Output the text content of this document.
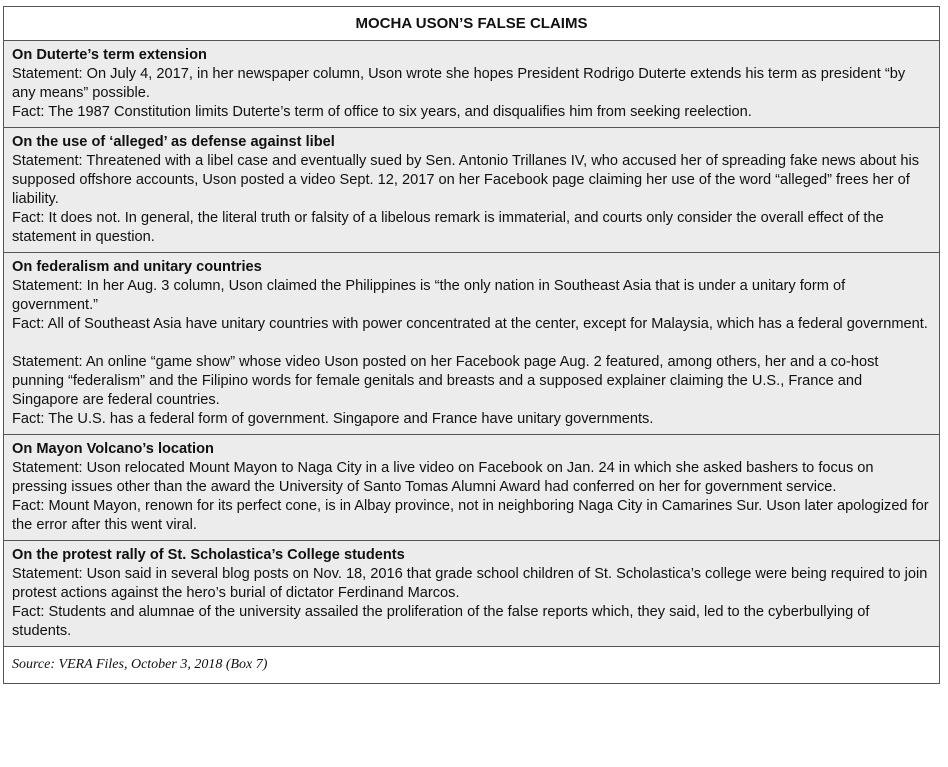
MOCHA USON’S FALSE CLAIMS

On Duterte’s term extension

Statement: On July 4, 2017, in her newspaper column, Uson wrote she hopes President Rodrigo Duterte extends his term as president “by any means” possible.

Fact: The 1987 Constitution limits Duterte’s term of office to six years, and disqualifies him from seeking reelection.

On the use of ‘alleged’ as defense against libel

Statement: Threatened with a libel case and eventually sued by Sen. Antonio Trillanes IV, who accused her of spreading fake news about his supposed offshore accounts, Uson posted a video Sept. 12, 2017 on her Facebook page claiming her use of the word “alleged” frees her of liability.

Fact: It does not. In general, the literal truth or falsity of a libelous remark is immaterial, and courts only consider the overall effect of the statement in question.

On federalism and unitary countries

Statement: In her Aug. 3 column, Uson claimed the Philippines is “the only nation in Southeast Asia that is under a unitary form of government.”

Fact: All of Southeast Asia have unitary countries with power concentrated at the center, except for Malaysia, which has a federal government.

Statement: An online “game show” whose video Uson posted on her Facebook page Aug. 2 featured, among others, her and a co-host punning “federalism” and the Filipino words for female genitals and breasts and a supposed explainer claiming the U.S., France and Singapore are federal countries.

Fact: The U.S. has a federal form of government. Singapore and France have unitary governments.

On Mayon Volcano’s location

Statement: Uson relocated Mount Mayon to Naga City in a live video on Facebook on Jan. 24 in which she asked bashers to focus on pressing issues other than the award the University of Santo Tomas Alumni Award had conferred on her for government service.

Fact: Mount Mayon, renown for its perfect cone, is in Albay province, not in neighboring Naga City in Camarines Sur. Uson later apologized for the error after this went viral.

On the protest rally of St. Scholastica’s College students

Statement: Uson said in several blog posts on Nov. 18, 2016 that grade school children of St. Scholastica’s college were being required to join protest actions against the hero’s burial of dictator Ferdinand Marcos.

Fact: Students and alumnae of the university assailed the proliferation of the false reports which, they said, led to the cyberbullying of students.

Source: VERA Files, October 3, 2018 (Box 7)
